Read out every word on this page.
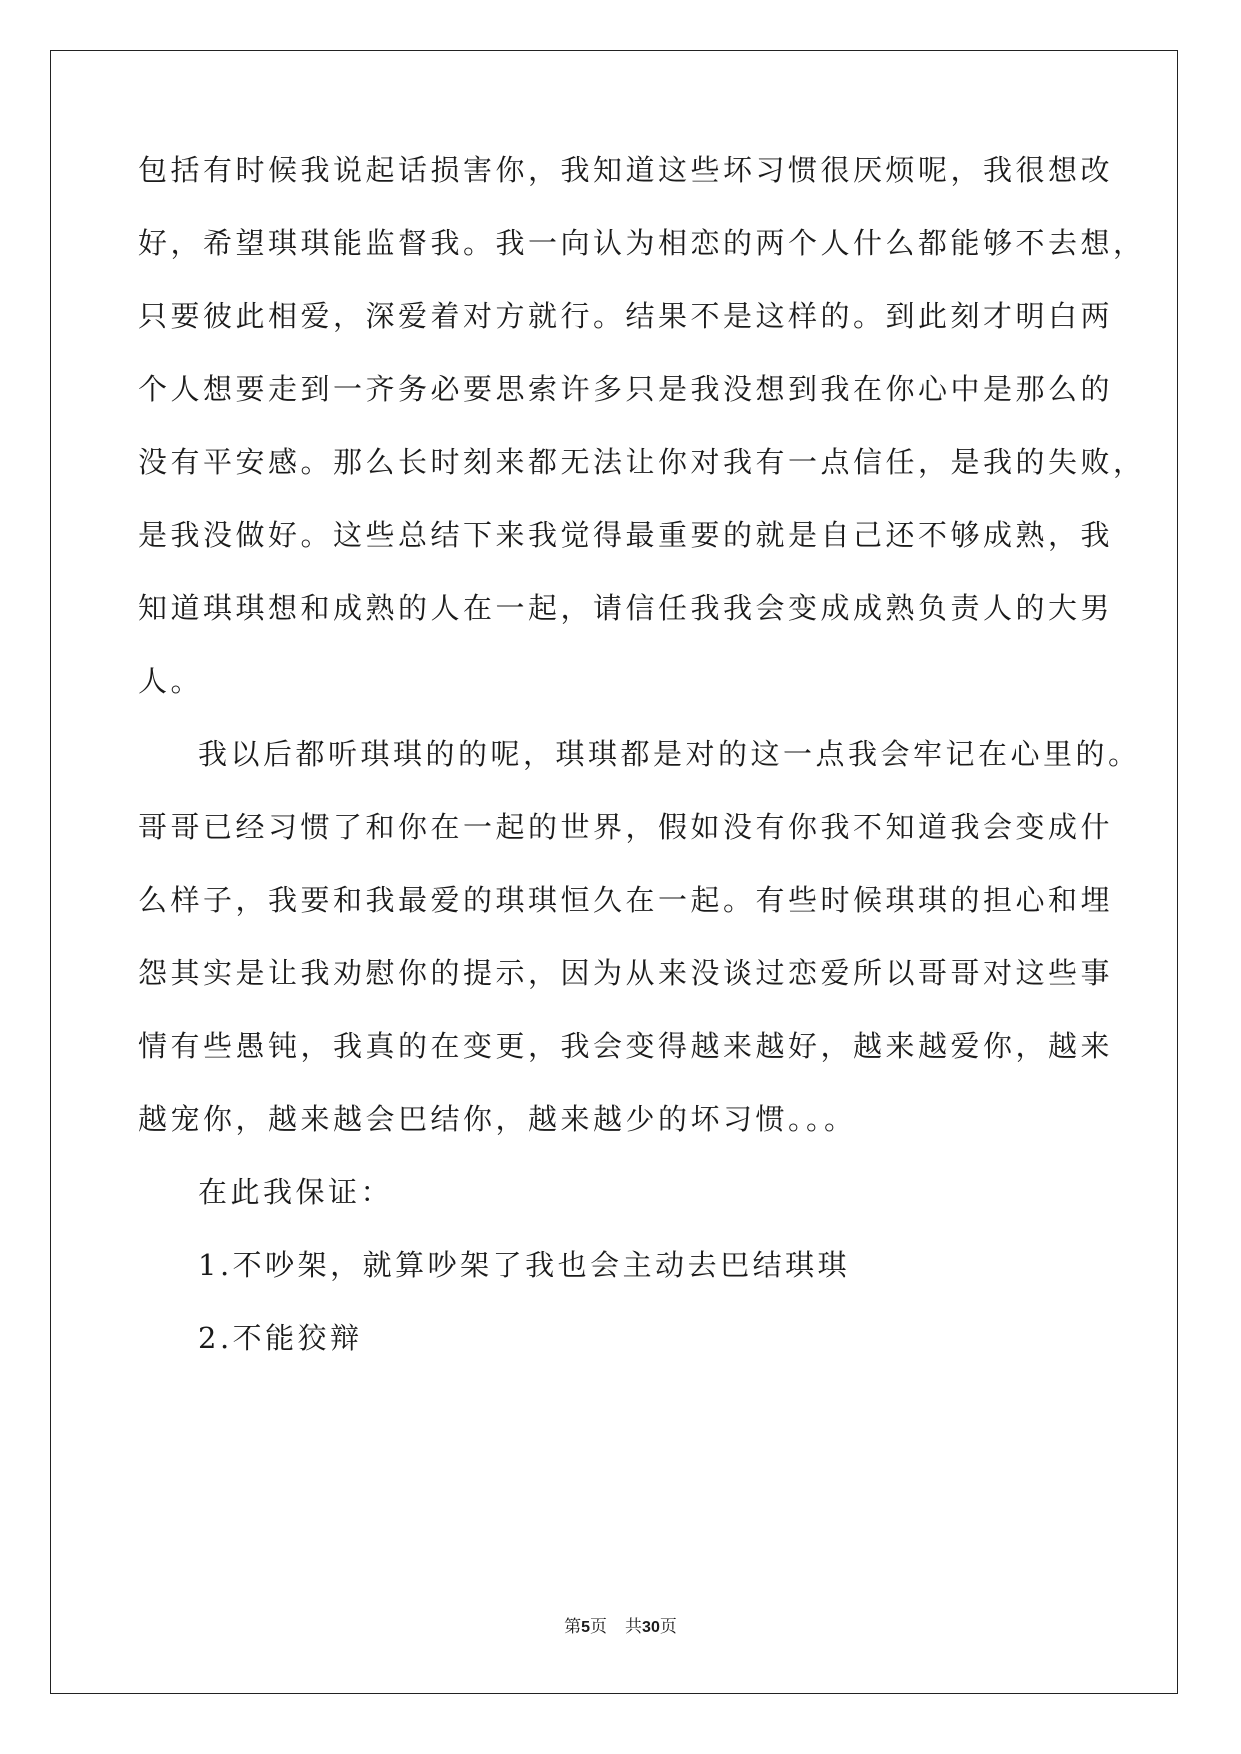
包括有时候我说起话损害你，我知道这些坏习惯很厌烦呢，我很想改
好，希望琪琪能监督我。我一向认为相恋的两个人什么都能够不去想，
只要彼此相爱，深爱着对方就行。结果不是这样的。到此刻才明白两
个人想要走到一齐务必要思索许多只是我没想到我在你心中是那么的
没有平安感。那么长时刻来都无法让你对我有一点信任，是我的失败，
是我没做好。这些总结下来我觉得最重要的就是自己还不够成熟，我
知道琪琪想和成熟的人在一起，请信任我我会变成成熟负责人的大男
人。
我以后都听琪琪的的呢，琪琪都是对的这一点我会牢记在心里的。
哥哥已经习惯了和你在一起的世界，假如没有你我不知道我会变成什
么样子，我要和我最爱的琪琪恒久在一起。有些时候琪琪的担心和埋
怨其实是让我劝慰你的提示，因为从来没谈过恋爱所以哥哥对这些事
情有些愚钝，我真的在变更，我会变得越来越好，越来越爱你，越来
越宠你，越来越会巴结你，越来越少的坏习惯。。。
在此我保证：
1.不吵架，就算吵架了我也会主动去巴结琪琪
2.不能狡辩
第5页 共30页
